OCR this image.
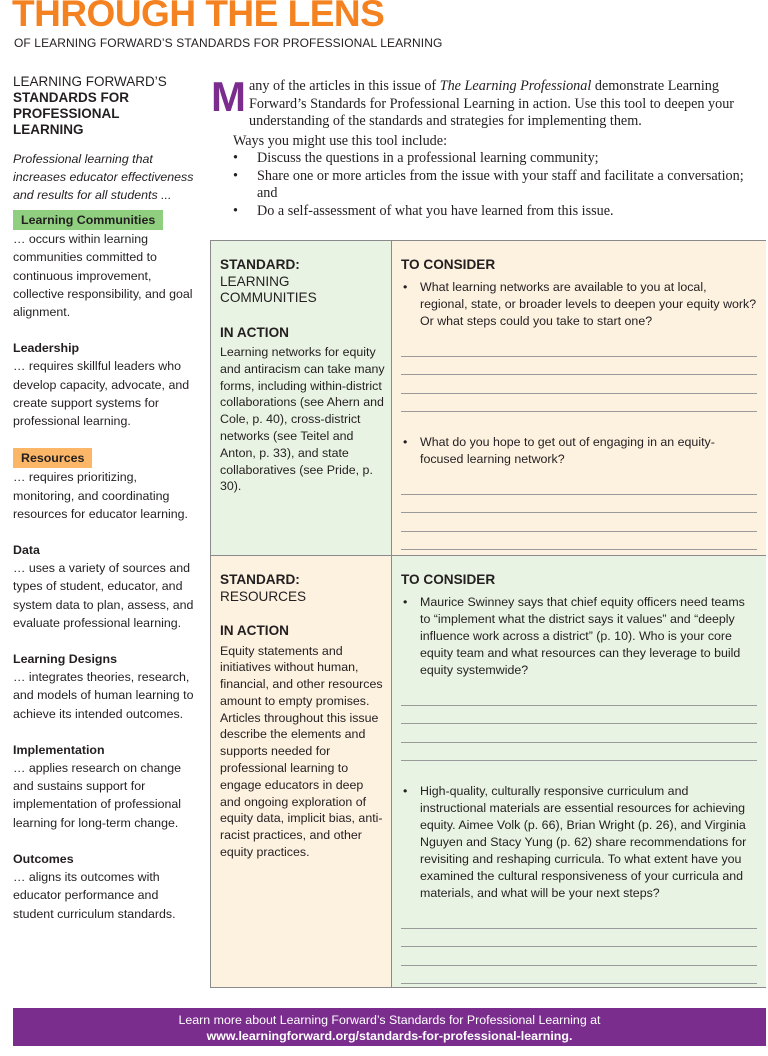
THROUGH THE LENS
OF LEARNING FORWARD’S STANDARDS FOR PROFESSIONAL LEARNING
LEARNING FORWARD’S
STANDARDS FOR
PROFESSIONAL
LEARNING
Professional learning that increases educator effectiveness and results for all students ...
Learning Communities
… occurs within learning communities committed to continuous improvement, collective responsibility, and goal alignment.
Leadership
… requires skillful leaders who develop capacity, advocate, and create support systems for professional learning.
Resources
… requires prioritizing, monitoring, and coordinating resources for educator learning.
Data
… uses a variety of sources and types of student, educator, and system data to plan, assess, and evaluate professional learning.
Learning Designs
… integrates theories, research, and models of human learning to achieve its intended outcomes.
Implementation
… applies research on change and sustains support for implementation of professional learning for long-term change.
Outcomes
… aligns its outcomes with educator performance and student curriculum standards.

Many of the articles in this issue of The Learning Professional demonstrate Learning Forward’s Standards for Professional Learning in action. Use this tool to deepen your understanding of the standards and strategies for implementing them.

Ways you might use this tool include:
• Discuss the questions in a professional learning community;
• Share one or more articles from the issue with your staff and facilitate a conversation; and
• Do a self-assessment of what you have learned from this issue.
STANDARD:
LEARNING
COMMUNITIES
IN ACTION
Learning networks for equity and antiracism can take many forms, including within-district collaborations (see Ahern and Cole, p. 40), cross-district networks (see Teitel and Anton, p. 33), and state collaboratives (see Pride, p. 30).
TO CONSIDER
• What learning networks are available to you at local, regional, state, or broader levels to deepen your equity work? Or what steps could you take to start one?
• What do you hope to get out of engaging in an equity-focused learning network?
STANDARD:
RESOURCES
IN ACTION
Equity statements and initiatives without human, financial, and other resources amount to empty promises. Articles throughout this issue describe the elements and supports needed for professional learning to engage educators in deep and ongoing exploration of equity data, implicit bias, anti-racist practices, and other equity practices.
TO CONSIDER
• Maurice Swinney says that chief equity officers need teams to “implement what the district says it values” and “deeply influence work across a district” (p. 10). Who is your core equity team and what resources can they leverage to build equity systemwide?
• High-quality, culturally responsive curriculum and instructional materials are essential resources for achieving equity. Aimee Volk (p. 66), Brian Wright (p. 26), and Virginia Nguyen and Stacy Yung (p. 62) share recommendations for revisiting and reshaping curricula. To what extent have you examined the cultural responsiveness of your curricula and materials, and what will be your next steps?
Learn more about Learning Forward’s Standards for Professional Learning at
www.learningforward.org/standards-for-professional-learning.
